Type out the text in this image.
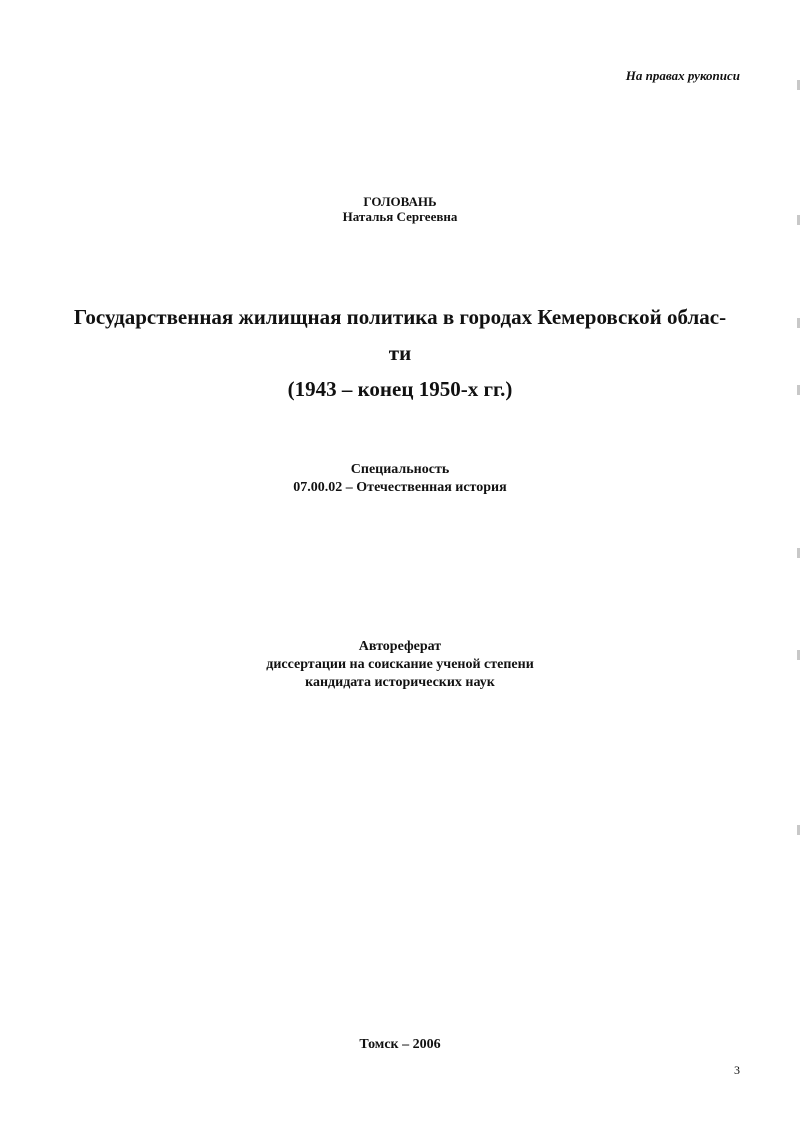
На правах рукописи
ГОЛОВАНЬ
Наталья Сергеевна
Государственная жилищная политика в городах Кемеровской облас-
ти
(1943 – конец 1950-х гг.)
Специальность
07.00.02 – Отечественная история
Автореферат
диссертации на соискание ученой степени
кандидата исторических наук
Томск – 2006
3
